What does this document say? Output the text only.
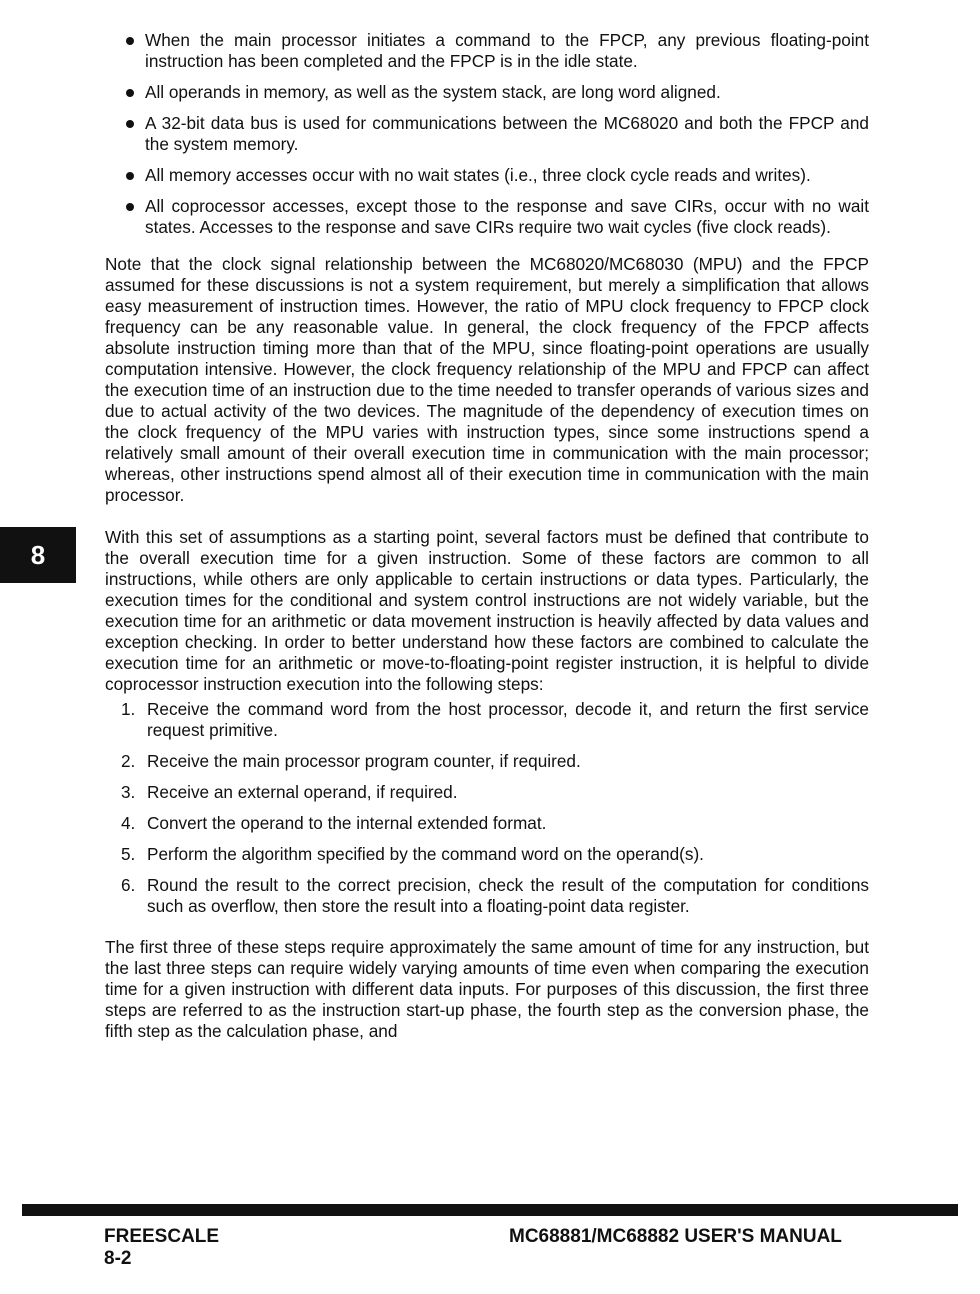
When the main processor initiates a command to the FPCP, any previous floating-point instruction has been completed and the FPCP is in the idle state.
All operands in memory, as well as the system stack, are long word aligned.
A 32-bit data bus is used for communications between the MC68020 and both the FPCP and the system memory.
All memory accesses occur with no wait states (i.e., three clock cycle reads and writes).
All coprocessor accesses, except those to the response and save CIRs, occur with no wait states. Accesses to the response and save CIRs require two wait cycles (five clock reads).

Note that the clock signal relationship between the MC68020/MC68030 (MPU) and the FPCP assumed for these discussions is not a system requirement, but merely a simplification that allows easy measurement of instruction times. However, the ratio of MPU clock frequency to FPCP clock frequency can be any reasonable value. In general, the clock frequency of the FPCP affects absolute instruction timing more than that of the MPU, since floating-point operations are usually computation intensive. However, the clock frequency relationship of the MPU and FPCP can affect the execution time of an instruction due to the time needed to transfer operands of various sizes and due to actual activity of the two devices. The magnitude of the dependency of execution times on the clock frequency of the MPU varies with instruction types, since some instructions spend a relatively small amount of their overall execution time in communication with the main processor; whereas, other instructions spend almost all of their execution time in communication with the main processor.

With this set of assumptions as a starting point, several factors must be defined that contribute to the overall execution time for a given instruction. Some of these factors are common to all instructions, while others are only applicable to certain instructions or data types. Particularly, the execution times for the conditional and system control instructions are not widely variable, but the execution time for an arithmetic or data movement instruction is heavily affected by data values and exception checking. In order to better understand how these factors are combined to calculate the execution time for an arithmetic or move-to-floating-point register instruction, it is helpful to divide coprocessor instruction execution into the following steps:

1. Receive the command word from the host processor, decode it, and return the first service request primitive.
2. Receive the main processor program counter, if required.
3. Receive an external operand, if required.
4. Convert the operand to the internal extended format.
5. Perform the algorithm specified by the command word on the operand(s).
6. Round the result to the correct precision, check the result of the computation for conditions such as overflow, then store the result into a floating-point data register.

The first three of these steps require approximately the same amount of time for any instruction, but the last three steps can require widely varying amounts of time even when comparing the execution time for a given instruction with different data inputs. For purposes of this discussion, the first three steps are referred to as the instruction start-up phase, the fourth step as the conversion phase, the fifth step as the calculation phase, and

8
FREESCALE
8-2
MC68881/MC68882 USER'S MANUAL
